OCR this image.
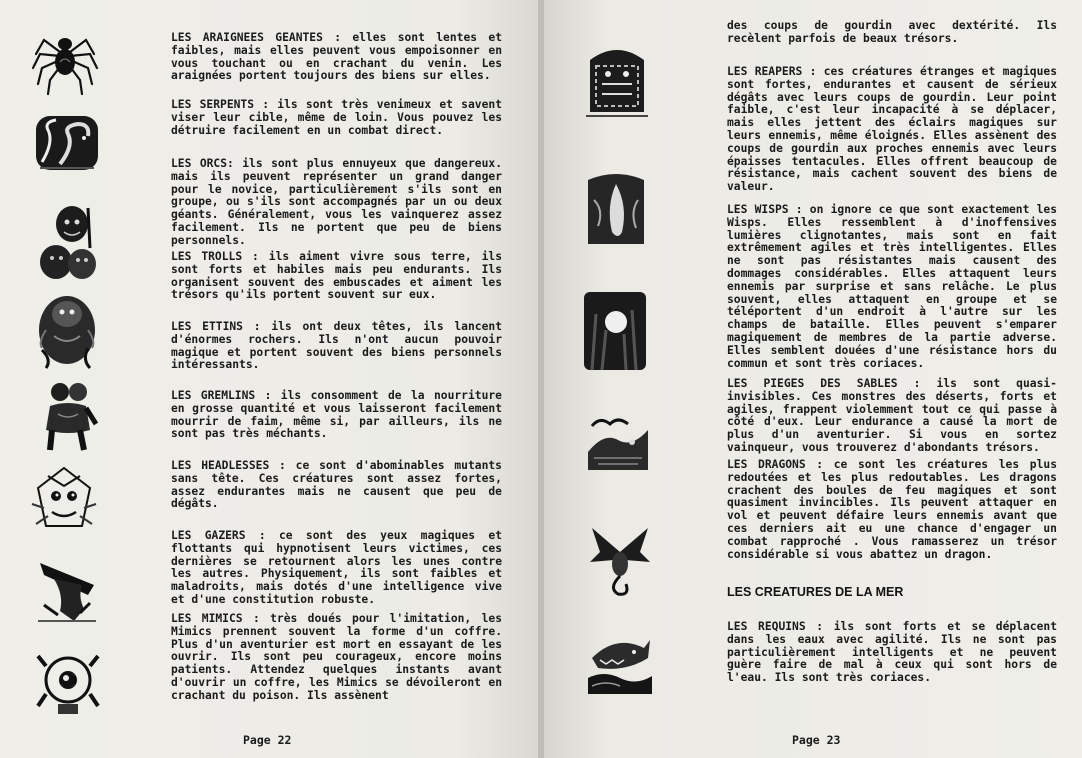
LES ARAIGNEES GEANTES : elles sont lentes et faibles, mais elles peuvent vous empoisonner en vous touchant ou en crachant du venin. Les araignées portent toujours des biens sur elles.

LES SERPENTS : ils sont très venimeux et savent viser leur cible, même de loin. Vous pouvez les détruire facilement en un combat direct.

LES ORCS: ils sont plus ennuyeux que dangereux. mais ils peuvent représenter un grand danger pour le novice, particulièrement s'ils sont en groupe, ou s'ils sont accompagnés par un ou deux géants. Généralement, vous les vainquerez assez facilement. Ils ne portent que peu de biens personnels.

LES TROLLS : ils aiment vivre sous terre, ils sont forts et habiles mais peu endurants. Ils organisent souvent des embuscades et aiment les trésors qu'ils portent souvent sur eux.

LES ETTINS : ils ont deux têtes, ils lancent d'énormes rochers. Ils n'ont aucun pouvoir magique et portent souvent des biens personnels intéressants.

LES GREMLINS : ils consomment de la nourriture en grosse quantité et vous laisseront facilement mourrir de faim, même si, par ailleurs, ils ne sont pas très méchants.

LES HEADLESSES : ce sont d'abominables mutants sans tête. Ces créatures sont assez fortes, assez endurantes mais ne causent que peu de dégâts.

LES GAZERS : ce sont des yeux magiques et flottants qui hypnotisent leurs victimes, ces dernières se retournent alors les unes contre les autres. Physiquement, ils sont faibles et maladroits, mais dotés d'une intelligence vive et d'une constitution robuste.

LES MIMICS : très doués pour l'imitation, les Mimics prennent souvent la forme d'un coffre. Plus d'un aventurier est mort en essayant de les ouvrir. Ils sont peu courageux, encore moins patients. Attendez quelques instants avant d'ouvrir un coffre, les Mimics se dévoileront en crachant du poison. Ils assènent

Page 22

des coups de gourdin avec dextérité. Ils recèlent parfois de beaux trésors.

LES REAPERS : ces créatures étranges et magiques sont fortes, endurantes et causent de sérieux dégâts avec leurs coups de gourdin. Leur point faible, c'est leur incapacité à se déplacer, mais elles jettent des éclairs magiques sur leurs ennemis, même éloignés. Elles assènent des coups de gourdin aux proches ennemis avec leurs épaisses tentacules. Elles offrent beaucoup de résistance, mais cachent souvent des biens de valeur.

LES WISPS : on ignore ce que sont exactement les Wisps. Elles ressemblent à d'inoffensives lumières clignotantes, mais sont en fait extrêmement agiles et très intelligentes. Elles ne sont pas résistantes mais causent des dommages considérables. Elles attaquent leurs ennemis par surprise et sans relâche. Le plus souvent, elles attaquent en groupe et se téléportent d'un endroit à l'autre sur les champs de bataille. Elles peuvent s'emparer magiquement de membres de la partie adverse. Elles semblent douées d'une résistance hors du commun et sont très coriaces.

LES PIEGES DES SABLES : ils sont quasi-invisibles. Ces monstres des déserts, forts et agiles, frappent violemment tout ce qui passe à côté d'eux. Leur endurance a causé la mort de plus d'un aventurier. Si vous en sortez vainqueur, vous trouverez d'abondants trésors.

LES DRAGONS : ce sont les créatures les plus redoutées et les plus redoutables. Les dragons crachent des boules de feu magiques et sont quasiment invincibles. Ils peuvent attaquer en vol et peuvent défaire leurs ennemis avant que ces derniers ait eu une chance d'engager un combat rapproché . Vous ramasserez un trésor considérable si vous abattez un dragon.

LES CREATURES DE LA MER

LES REQUINS : ils sont forts et se déplacent dans les eaux avec agilité. Ils ne sont pas particulièrement intelligents et ne peuvent guère faire de mal à ceux qui sont hors de l'eau. Ils sont très coriaces.

Page 23
